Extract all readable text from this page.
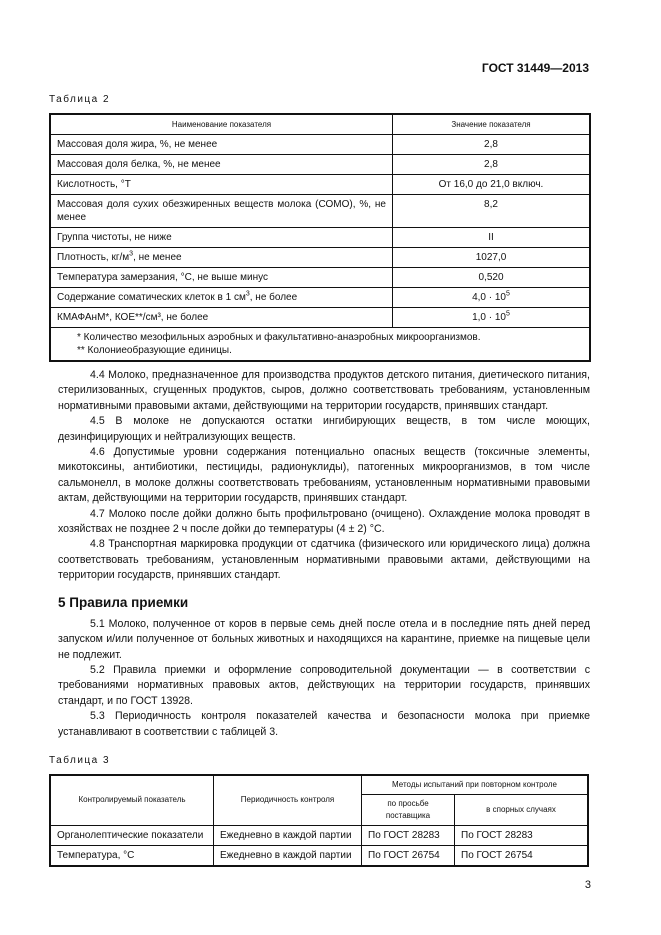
ГОСТ 31449—2013
Таблица 2
Наименование показателя	Значение показателя
Массовая доля жира, %, не менее	2,8
Массовая доля белка, %, не менее	2,8
Кислотность, °Т	От 16,0 до 21,0 включ.
Массовая доля сухих обезжиренных веществ молока (СОМО), %, не менее	8,2
Группа чистоты, не ниже	II
Плотность, $кг/м^3$, не менее	1027,0
Температура замерзания, °С, не выше минус	0,520
Содержание соматических клеток в 1 $см^3$, не более	$4,0 \cdot 10^5$
КМАФАнМ*, КОЕ**/см³, не более	$1,0 \cdot 10^5$

* Количество мезофильных аэробных и факультативно-анаэробных микроорганизмов.
** Колониеобразующие единицы.	

4.4 Молоко, предназначенное для производства продуктов детского питания, диетического питания, стерилизованных, сгущенных продуктов, сыров, должно соответствовать требованиям, установленным нормативными правовыми актами, действующими на территории государств, принявших стандарт.

4.5 В молоке не допускаются остатки ингибирующих веществ, в том числе моющих, дезинфицирующих и нейтрализующих веществ.

4.6 Допустимые уровни содержания потенциально опасных веществ (токсичные элементы, микотоксины, антибиотики, пестициды, радионуклиды), патогенных микроорганизмов, в том числе сальмонелл, в молоке должны соответствовать требованиям, установленным нормативными правовыми актам, действующими на территории государств, принявших стандарт.

4.7 Молоко после дойки должно быть профильтровано (очищено). Охлаждение молока проводят в хозяйствах не позднее 2 ч после дойки до температуры (4 ± 2) °С.

4.8 Транспортная маркировка продукции от сдатчика (физического или юридического лица) должна соответствовать требованиям, установленным нормативными правовыми актами, действующими на территории государств, принявших стандарт.

5 Правила приемки

5.1 Молоко, полученное от коров в первые семь дней после отела и в последние пять дней перед запуском и/или полученное от больных животных и находящихся на карантине, приемке на пищевые цели не подлежит.

5.2 Правила приемки и оформление сопроводительной документации — в соответствии с требованиями нормативных правовых актов, действующих на территории государств, принявших стандарт, и по ГОСТ 13928.

5.3 Периодичность контроля показателей качества и безопасности молока при приемке устанавливают в соответствии с таблицей 3.

Таблица 3
Контролируемый показатель	Периодичность контроля	Методы испытаний при повторном контроле	
		по просьбе поставщика	в спорных случаях
Органолептические показатели	Ежедневно в каждой партии	По ГОСТ 28283	По ГОСТ 28283
Температура, °С	Ежедневно в каждой партии	По ГОСТ 26754	По ГОСТ 26754
3
